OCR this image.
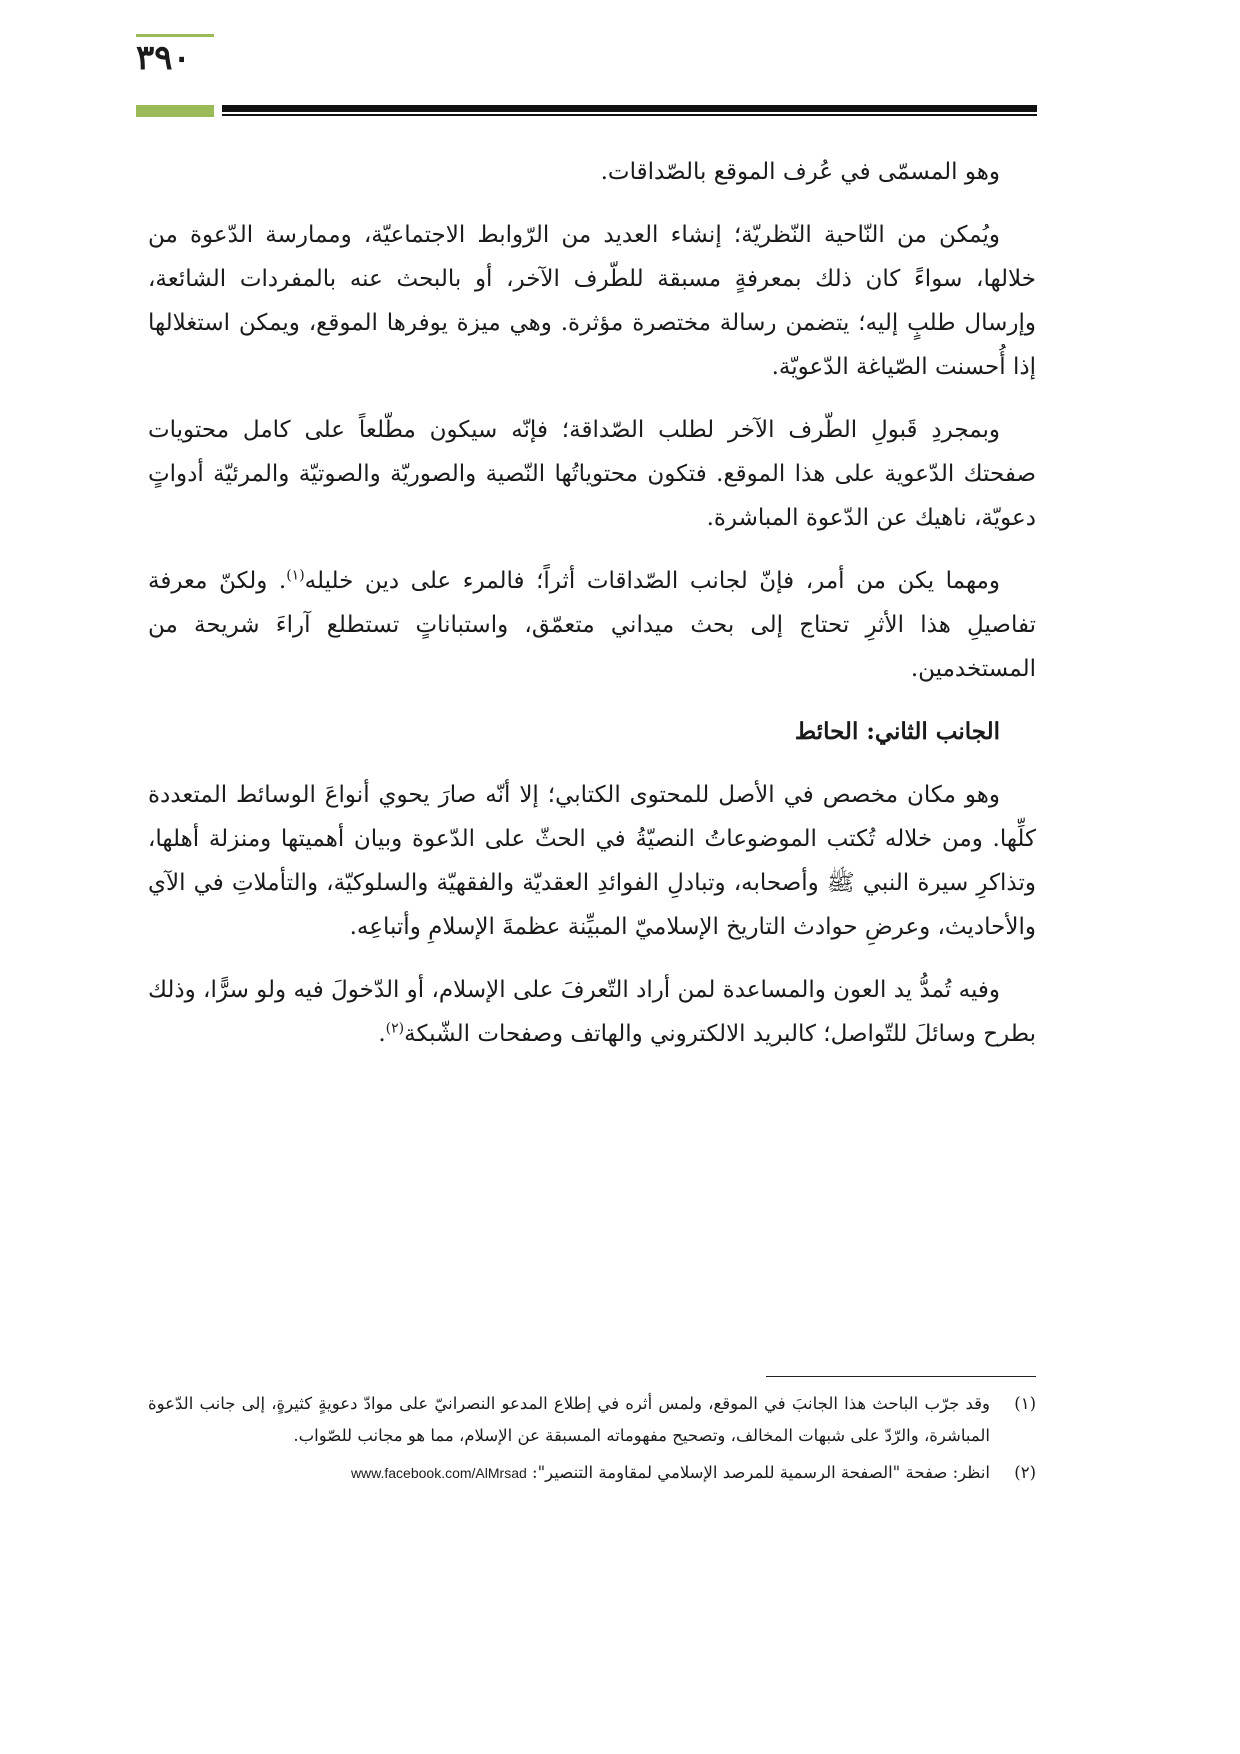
٣٩٠

وهو المسمّى في عُرف الموقع بالصّداقات.

ويُمكن من النّاحية النّظريّة؛ إنشاء العديد من الرّوابط الاجتماعيّة، وممارسة الدّعوة من خلالها، سواءً كان ذلك بمعرفةٍ مسبقة للطّرف الآخر، أو بالبحث عنه بالمفردات الشائعة، وإرسال طلبٍ إليه؛ يتضمن رسالة مختصرة مؤثرة. وهي ميزة يوفرها الموقع، ويمكن استغلالها إذا أُحسنت الصّياغة الدّعويّة.

وبمجردِ قَبولِ الطّرف الآخر لطلب الصّداقة؛ فإنّه سيكون مطّلعاً على كامل محتويات صفحتك الدّعوية على هذا الموقع. فتكون محتوياتُها النّصية والصوريّة والصوتيّة والمرئيّة أدواتٍ دعويّة، ناهيك عن الدّعوة المباشرة.

ومهما يكن من أمر، فإنّ لجانب الصّداقات أثراً؛ فالمرء على دين خليله$^{(١)}$. ولكنّ معرفة تفاصيلِ هذا الأثرِ تحتاج إلى بحث ميداني متعمّق، واستباناتٍ تستطلع آراءَ شريحة من المستخدمين.

الجانب الثاني: الحائط

وهو مكان مخصص في الأصل للمحتوى الكتابي؛ إلا أنّه صارَ يحوي أنواعَ الوسائط المتعددة كلِّها. ومن خلاله تُكتب الموضوعاتُ النصيّةُ في الحثّ على الدّعوة وبيان أهميتها ومنزلة أهلها، وتذاكرِ سيرة النبي ﷺ وأصحابه، وتبادلِ الفوائدِ العقديّة والفقهيّة والسلوكيّة، والتأملاتِ في الآي والأحاديث، وعرضِ حوادث التاريخ الإسلاميّ المبيِّنة عظمةَ الإسلامِ وأتباعِه.

وفيه تُمدُّ يد العون والمساعدة لمن أراد التّعرفَ على الإسلام، أو الدّخولَ فيه ولو سرًّا، وذلك بطرح وسائلَ للتّواصل؛ كالبريد الالكتروني والهاتف وصفحات الشّبكة$^{(٢)}$.

(١)
وقد جرّب الباحث هذا الجانبَ في الموقع، ولمس أثره في إطلاع المدعو النصرانيّ على موادّ دعويةٍ كثيرةٍ، إلى جانب الدّعوة المباشرة، والرّدّ على شبهات المخالف، وتصحيح مفهوماته المسبقة عن الإسلام، مما هو مجانب للصّواب.
(٢)
انظر: صفحة "الصفحة الرسمية للمرصد الإسلامي لمقاومة التنصير": www.facebook.com/AlMrsad
